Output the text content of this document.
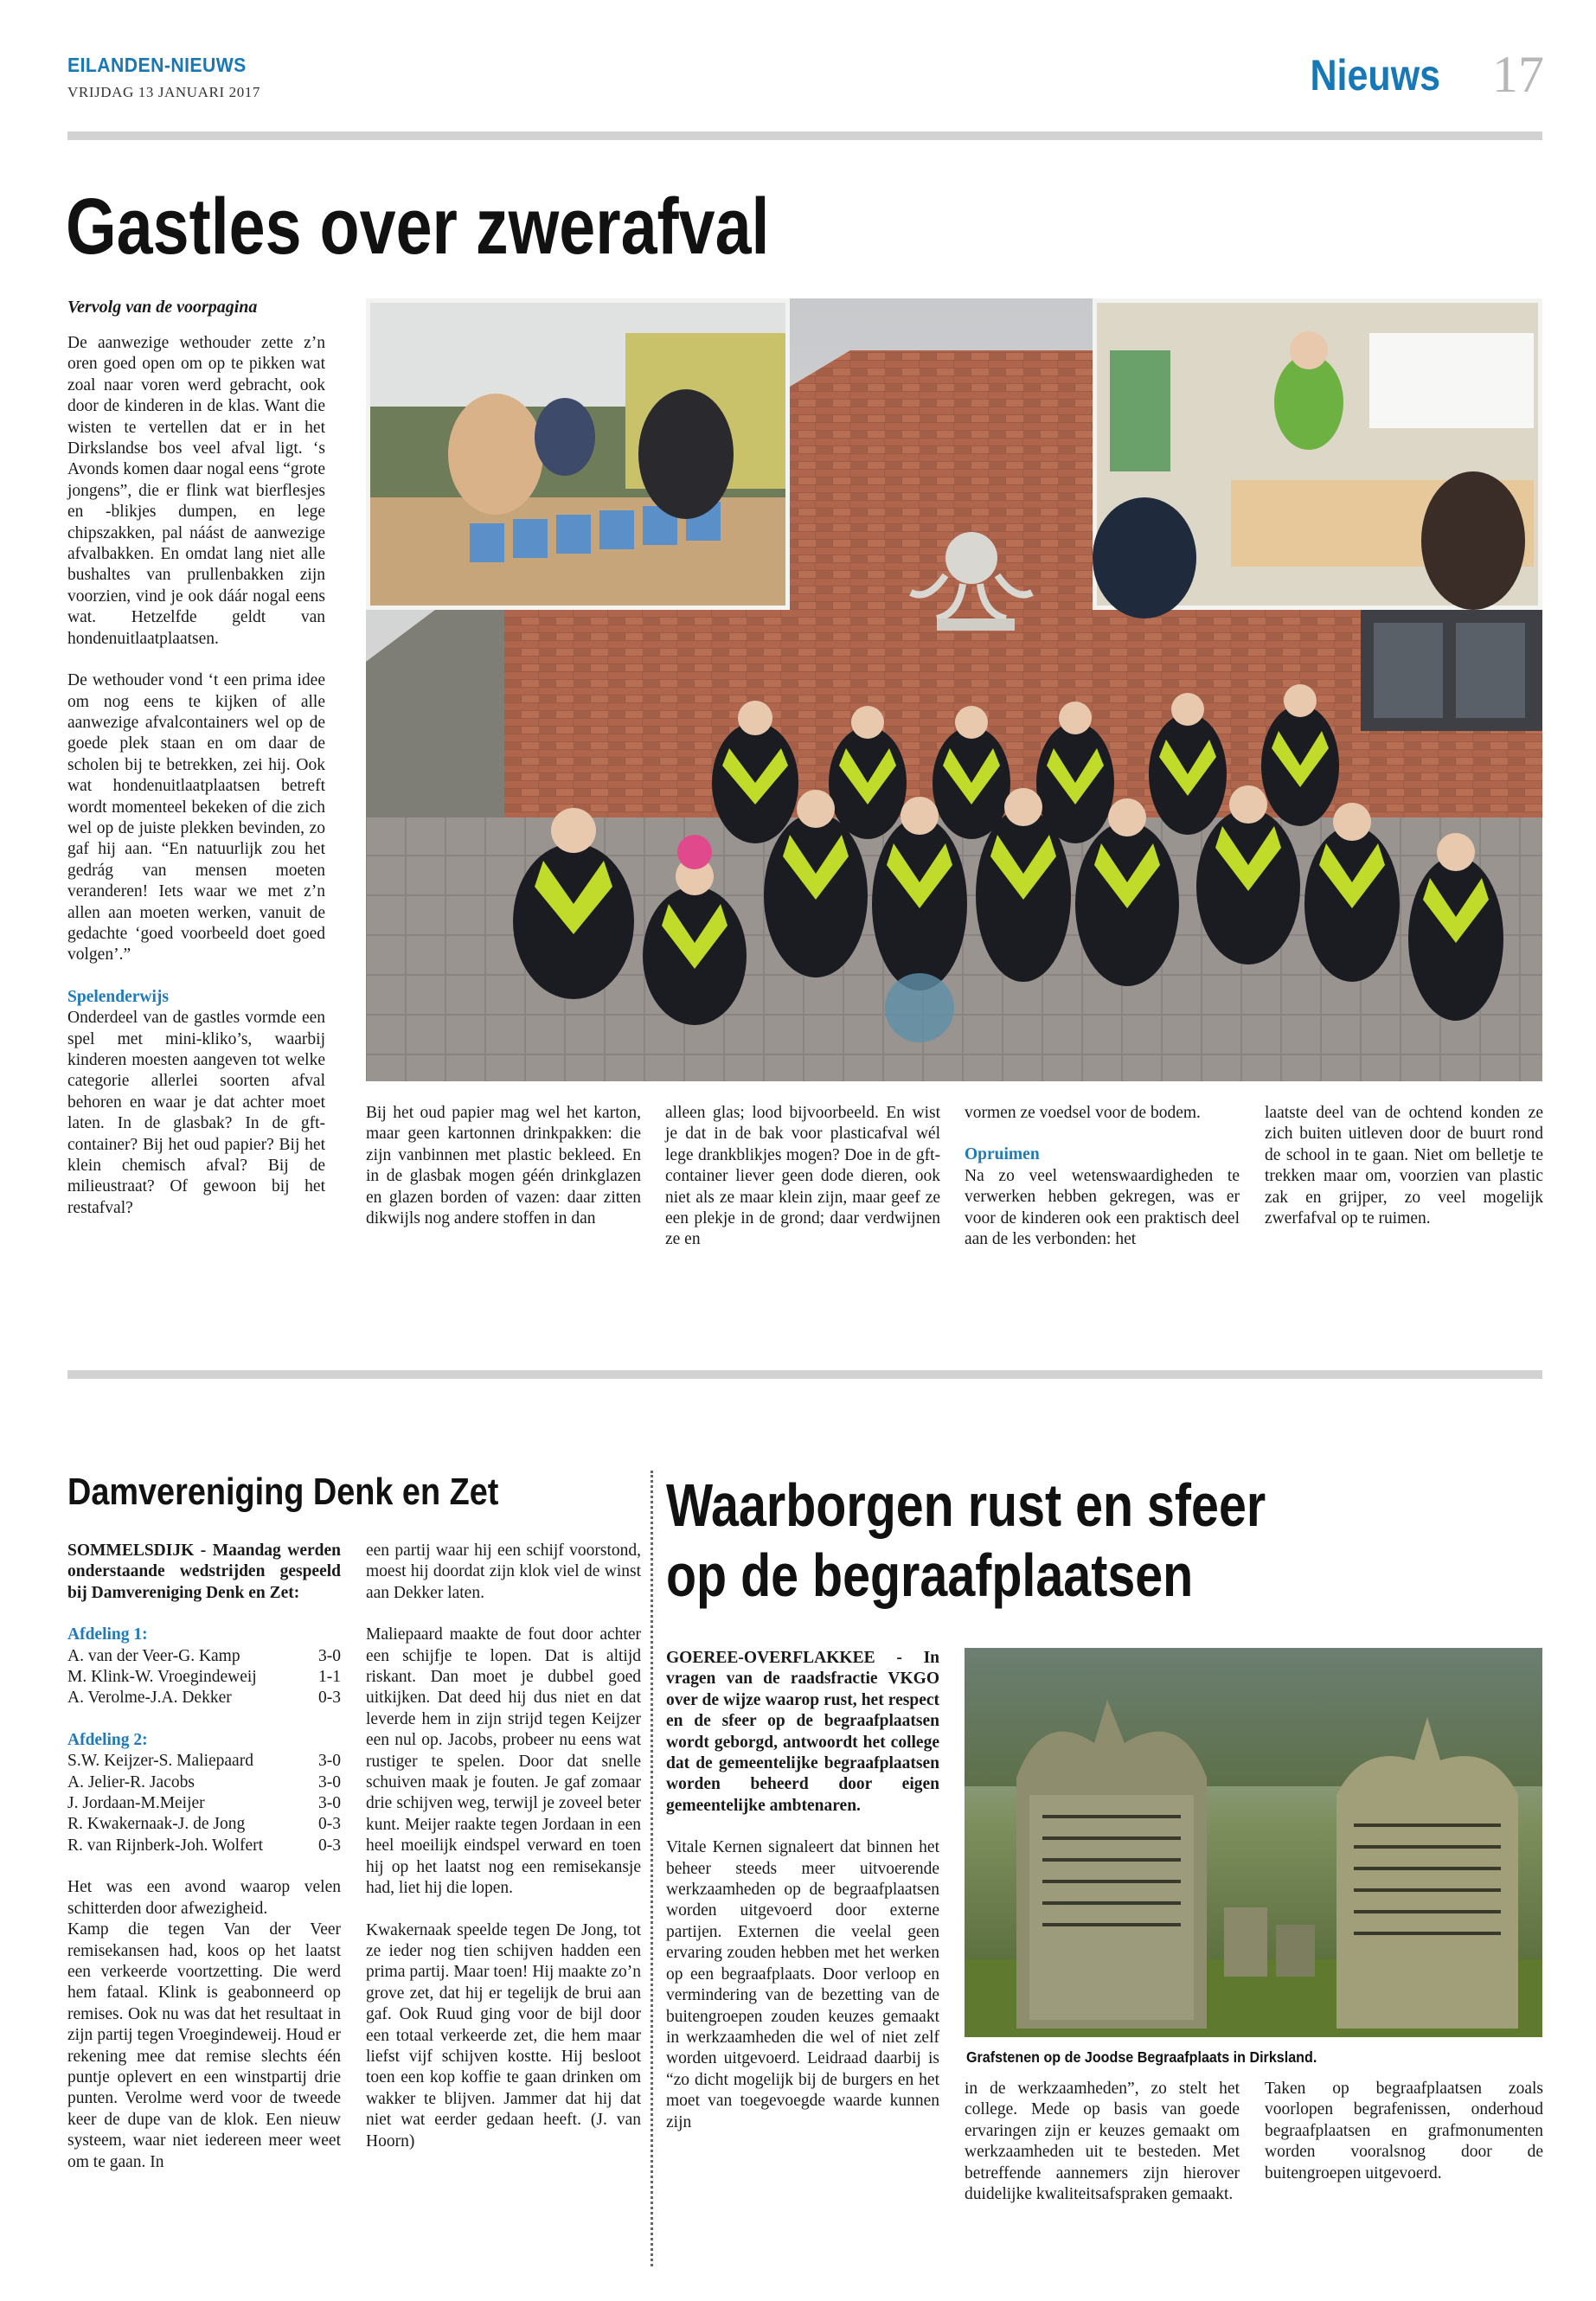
EILANDEN-NIEUWS
VRIJDAG 13 JANUARI 2017	Nieuws 17
Gastles over zwerafval
Vervolg van de voorpagina

De aanwezige wethouder zette z’n oren goed open om op te pikken wat zoal naar voren werd gebracht, ook door de kinderen in de klas. Want die wisten te vertellen dat er in het Dirkslandse bos veel afval ligt. ‘s Avonds komen daar nogal eens “grote jongens”, die er flink wat bierflesjes en -blikjes dumpen, en lege chipszakken, pal náást de aanwezige afvalbakken. En omdat lang niet alle bushaltes van prullenbakken zijn voorzien, vind je ook dáár nogal eens wat. Hetzelfde geldt van hondenuitlaatplaatsen.

De wethouder vond ‘t een prima idee om nog eens te kijken of alle aanwezige afvalcontainers wel op de goede plek staan en om daar de scholen bij te betrekken, zei hij. Ook wat hondenuitlaatplaatsen betreft wordt momenteel bekeken of die zich wel op de juiste plekken bevinden, zo gaf hij aan. “En natuurlijk zou het gedrág van mensen moeten veranderen! Iets waar we met z’n allen aan moeten werken, vanuit de gedachte ‘goed voorbeeld doet goed volgen’.”

Spelenderwijs
Onderdeel van de gastles vormde een spel met mini-kliko’s, waarbij kinderen moesten aangeven tot welke categorie allerlei soorten afval behoren en waar je dat achter moet laten. In de glasbak? In de gft-container? Bij het oud papier? Bij het klein chemisch afval? Bij de milieustraat? Of gewoon bij het restafval?

Bij het oud papier mag wel het karton, maar geen kartonnen drinkpakken: die zijn vanbinnen met plastic bekleed. En in de glasbak mogen géén drinkglazen en glazen borden of vazen: daar zitten dikwijls nog andere stoffen in dan
alleen glas; lood bijvoorbeeld. En wist je dat in de bak voor plasticafval wél lege drankblikjes mogen? Doe in de gft-container liever geen dode dieren, ook niet als ze maar klein zijn, maar geef ze een plekje in de grond; daar verdwijnen ze en

vormen ze voedsel voor de bodem.

Opruimen
Na zo veel wetenswaardigheden te verwerken hebben gekregen, was er voor de kinderen ook een praktisch deel aan de les verbonden: het

laatste deel van de ochtend konden ze zich buiten uitleven door de buurt rond de school in te gaan. Niet om belletje te trekken maar om, voorzien van plastic zak en grijper, zo veel mogelijk zwerfafval op te ruimen.
Damvereniging Denk en Zet

SOMMELSDIJK - Maandag werden onderstaande wedstrijden gespeeld bij Damvereniging Denk en Zet:

Afdeling 1:
A. van der Veer-G. Kamp	3-0
M. Klink-W. Vroegindeweij	1-1
A. Verolme-J.A. Dekker	0-3
Afdeling 2:
S.W. Keijzer-S. Maliepaard	3-0
A. Jelier-R. Jacobs	3-0
J. Jordaan-M.Meijer	3-0
R. Kwakernaak-J. de Jong	0-3
R. van Rijnberk-Joh. Wolfert	0-3

Het was een avond waarop velen schitterden door afwezigheid.

Kamp die tegen Van der Veer remisekansen had, koos op het laatst een verkeerde voortzetting. Die werd hem fataal. Klink is geabonneerd op remises. Ook nu was dat het resultaat in zijn partij tegen Vroegindeweij. Houd er rekening mee dat remise slechts één puntje oplevert en een winstpartij drie punten. Verolme werd voor de tweede keer de dupe van de klok. Een nieuw systeem, waar niet iedereen meer weet om te gaan. In

een partij waar hij een schijf voorstond, moest hij doordat zijn klok viel de winst aan Dekker laten.

Maliepaard maakte de fout door achter een schijfje te lopen. Dat is altijd riskant. Dan moet je dubbel goed uitkijken. Dat deed hij dus niet en dat leverde hem in zijn strijd tegen Keijzer een nul op. Jacobs, probeer nu eens wat rustiger te spelen. Door dat snelle schuiven maak je fouten. Je gaf zomaar drie schijven weg, terwijl je zoveel beter kunt. Meijer raakte tegen Jordaan in een heel moeilijk eindspel verward en toen hij op het laatst nog een remisekansje had, liet hij die lopen.

Kwakernaak speelde tegen De Jong, tot ze ieder nog tien schijven hadden een prima partij. Maar toen! Hij maakte zo’n grove zet, dat hij er tegelijk de brui aan gaf. Ook Ruud ging voor de bijl door een totaal verkeerde zet, die hem maar liefst vijf schijven kostte. Hij besloot toen een kop koffie te gaan drinken om wakker te blijven. Jammer dat hij dat niet wat eerder gedaan heeft. (J. van Hoorn)

Waarborgen rust en sfeer
op de begraafplaatsen

GOEREE-OVERFLAKKEE - In vragen van de raadsfractie VKGO over de wijze waarop rust, het respect en de sfeer op de begraafplaatsen wordt geborgd, antwoordt het college dat de gemeentelijke begraafplaatsen worden beheerd door eigen gemeentelijke ambtenaren.

Vitale Kernen signaleert dat binnen het beheer steeds meer uitvoerende werkzaamheden op de begraafplaatsen worden uitgevoerd door externe partijen. Externen die veelal geen ervaring zouden hebben met het werken op een begraafplaats. Door verloop en vermindering van de bezetting van de buitengroepen zouden keuzes gemaakt in werkzaamheden die wel of niet zelf worden uitgevoerd. Leidraad daarbij is “zo dicht mogelijk bij de burgers en het moet van toegevoegde waarde kunnen zijn

Grafstenen op de Joodse Begraafplaats in Dirksland.
in de werkzaamheden”, zo stelt het college. Mede op basis van goede ervaringen zijn er keuzes gemaakt om werkzaamheden uit te besteden. Met betreffende aannemers zijn hierover duidelijke kwaliteitsafspraken gemaakt.
Taken op begraafplaatsen zoals voorlopen begrafenissen, onderhoud begraafplaatsen en grafmonumenten worden vooralsnog door de buitengroepen uitgevoerd.
